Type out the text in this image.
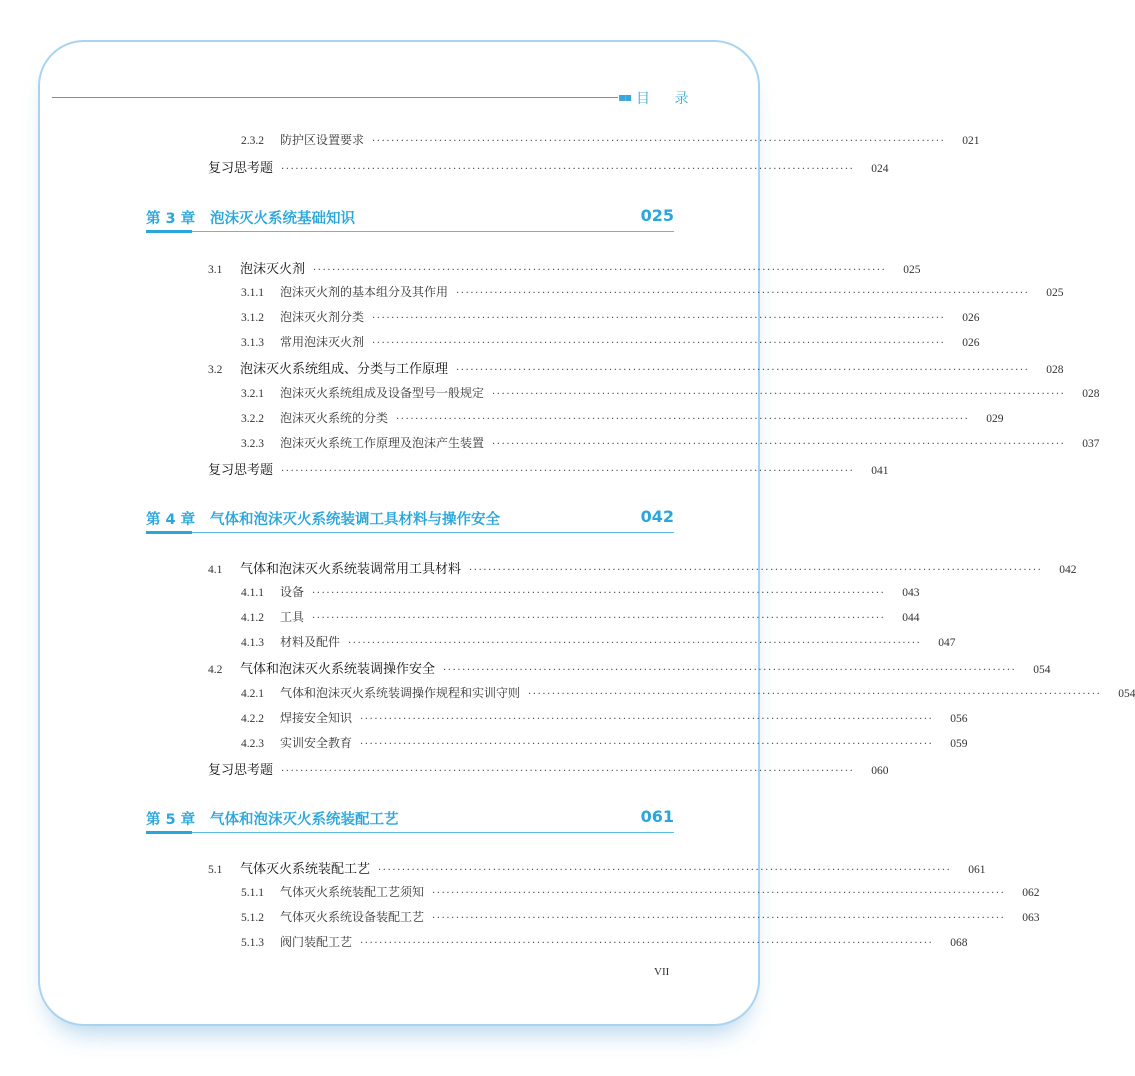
▪▪ 目 录
2.3.2	防护区设置要求 ························································································································	021
复习思考题 ························································································································	024
第 3 章 泡沫灭火系统基础知识	025
3.1	泡沫灭火剂 ························································································································	025
3.1.1	泡沫灭火剂的基本组分及其作用 ························································································································	025
3.1.2	泡沫灭火剂分类 ························································································································	026
3.1.3	常用泡沫灭火剂 ························································································································	026
3.2	泡沫灭火系统组成、分类与工作原理 ························································································································	028
3.2.1	泡沫灭火系统组成及设备型号一般规定 ························································································································	028
3.2.2	泡沫灭火系统的分类 ························································································································	029
3.2.3	泡沫灭火系统工作原理及泡沫产生装置 ························································································································	037
复习思考题 ························································································································	041
第 4 章 气体和泡沫灭火系统装调工具材料与操作安全	042
4.1	气体和泡沫灭火系统装调常用工具材料 ························································································································	042
4.1.1	设备 ························································································································	043
4.1.2	工具 ························································································································	044
4.1.3	材料及配件 ························································································································	047
4.2	气体和泡沫灭火系统装调操作安全 ························································································································	054
4.2.1	气体和泡沫灭火系统装调操作规程和实训守则 ························································································································	054
4.2.2	焊接安全知识 ························································································································	056
4.2.3	实训安全教育 ························································································································	059
复习思考题 ························································································································	060
第 5 章 气体和泡沫灭火系统装配工艺	061
5.1	气体灭火系统装配工艺 ························································································································	061
5.1.1	气体灭火系统装配工艺须知 ························································································································	062
5.1.2	气体灭火系统设备装配工艺 ························································································································	063
5.1.3	阀门装配工艺 ························································································································	068
VII
